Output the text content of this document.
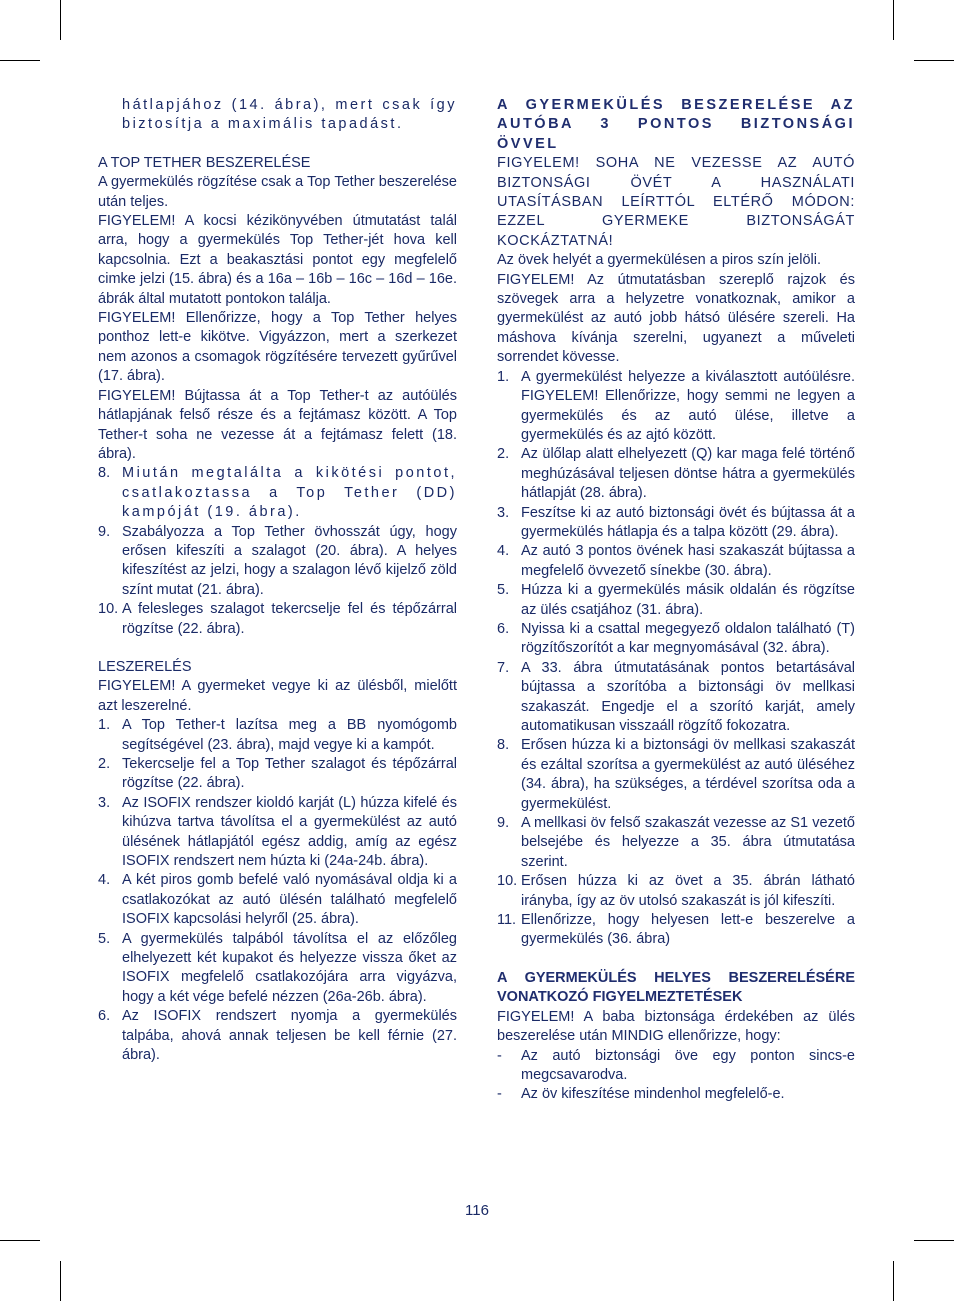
hátlapjához (14. ábra), mert csak így biztosítja a maximális tapadást.

A TOP TETHER BESZERELÉSE

A gyermekülés rögzítése csak a Top Tether beszerelése után teljes.

FIGYELEM! A kocsi kézikönyvében útmutatást talál arra, hogy a gyermekülés Top Tether-jét hova kell kapcsolnia. Ezt a beakasztási pontot egy megfelelő cimke jelzi (15. ábra) és a 16a – 16b – 16c – 16d – 16e. ábrák által mutatott pontokon találja.

FIGYELEM! Ellenőrizze, hogy a Top Tether helyes ponthoz lett-e kikötve. Vigyázzon, mert a szerkezet nem azonos a csomagok rögzítésére tervezett gyűrűvel (17. ábra).

FIGYELEM! Bújtassa át a Top Tether-t az autóülés hátlapjának felső része és a fejtámasz között. A Top Tether-t soha ne vezesse át a fejtámasz felett (18. ábra).

8. Miután megtalálta a kikötési pontot, csatlakoztassa a Top Tether (DD) kampóját (19. ábra).
9. Szabályozza a Top Tether övhosszát úgy, hogy erősen kifeszíti a szalagot (20. ábra). A helyes kifeszítést az jelzi, hogy a szalagon lévő kijelző zöld színt mutat (21. ábra).
10. A felesleges szalagot tekercselje fel és tépőzárral rögzítse (22. ábra).

LESZERELÉS

FIGYELEM! A gyermeket vegye ki az ülésből, mielőtt azt leszerelné.

1. A Top Tether-t lazítsa meg a BB nyomógomb segítségével (23. ábra), majd vegye ki a kampót.
2. Tekercselje fel a Top Tether szalagot és tépőzárral rögzítse (22. ábra).
3. Az ISOFIX rendszer kioldó karját (L) húzza kifelé és kihúzva tartva távolítsa el a gyermekülést az autó ülésének hátlapjától egész addig, amíg az egész ISOFIX rendszert nem húzta ki (24a-24b. ábra).
4. A két piros gomb befelé való nyomásával oldja ki a csatlakozókat az autó ülésén található megfelelő ISOFIX kapcsolási helyről (25. ábra).
5. A gyermekülés talpából távolítsa el az előzőleg elhelyezett két kupakot és helyezze vissza őket az ISOFIX megfelelő csatlakozójára arra vigyázva, hogy a két vége befelé nézzen (26a-26b. ábra).
6. Az ISOFIX rendszert nyomja a gyermekülés talpába, ahová annak teljesen be kell férnie (27. ábra).

A GYERMEKÜLÉS BESZERELÉSE AZ AUTÓBA 3 PONTOS BIZTONSÁGI ÖVVEL

FIGYELEM! SOHA NE VEZESSE AZ AUTÓ BIZTONSÁGI ÖVÉT A HASZNÁLATI UTASÍTÁSBAN LEÍRTTÓL ELTÉRŐ MÓDON: EZZEL GYERMEKE BIZTONSÁGÁT KOCKÁZTATNÁ!

Az övek helyét a gyermekülésen a piros szín jelöli.

FIGYELEM! Az útmutatásban szereplő rajzok és szövegek arra a helyzetre vonatkoznak, amikor a gyermekülést az autó jobb hátsó ülésére szereli. Ha máshova kívánja szerelni, ugyanezt a műveleti sorrendet kövesse.

1. A gyermekülést helyezze a kiválasztott autóülésre. FIGYELEM! Ellenőrizze, hogy semmi ne legyen a gyermekülés és az autó ülése, illetve a gyermekülés és az ajtó között.
2. Az ülőlap alatt elhelyezett (Q) kar maga felé történő meghúzásával teljesen döntse hátra a gyermekülés hátlapját (28. ábra).
3. Feszítse ki az autó biztonsági övét és bújtassa át a gyermekülés hátlapja és a talpa között (29. ábra).
4. Az autó 3 pontos övének hasi szakaszát bújtassa a megfelelő övvezető sínekbe (30. ábra).
5. Húzza ki a gyermekülés másik oldalán és rögzítse az ülés csatjához (31. ábra).
6. Nyissa ki a csattal megegyező oldalon található (T) rögzítőszorítót a kar megnyomásával (32. ábra).
7. A 33. ábra útmutatásának pontos betartásával bújtassa a szorítóba a biztonsági öv mellkasi szakaszát. Engedje el a szorító karját, amely automatikusan visszaáll rögzítő fokozatra.
8. Erősen húzza ki a biztonsági öv mellkasi szakaszát és ezáltal szorítsa a gyermekülést az autó üléséhez (34. ábra), ha szükséges, a térdével szorítsa oda a gyermekülést.
9. A mellkasi öv felső szakaszát vezesse az S1 vezető belsejébe és helyezze a 35. ábra útmutatása szerint.
10. Erősen húzza ki az övet a 35. ábrán látható irányba, így az öv utolsó szakaszát is jól kifeszíti.
11. Ellenőrizze, hogy helyesen lett-e beszerelve a gyermekülés (36. ábra)

A GYERMEKÜLÉS HELYES BESZERELÉSÉRE VONATKOZÓ FIGYELMEZTETÉSEK

FIGYELEM! A baba biztonsága érdekében az ülés beszerelése után MINDIG ellenőrizze, hogy:

-	Az autó biztonsági öve egy ponton sincs-e megcsavarodva.
-	Az öv kifeszítése mindenhol megfelelő-e.
116
